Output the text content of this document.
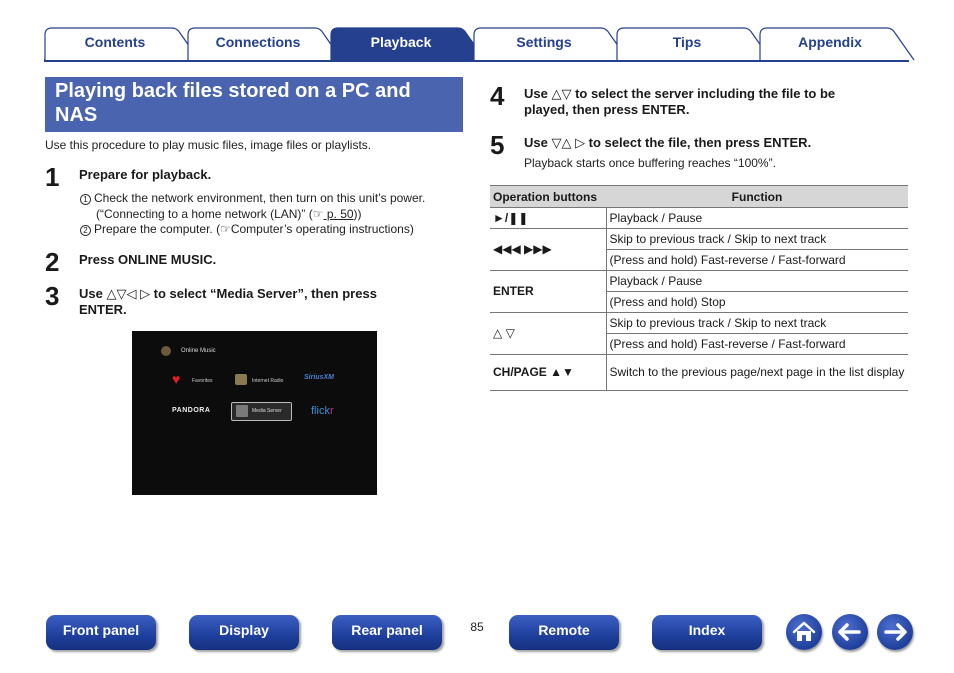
Contents	Connections	Playback	Settings	Tips	Appendix
Playing back files stored on a PC and NAS
Use this procedure to play music files, image files or playlists.
1 Prepare for playback.
1 Check the network environment, then turn on this unit’s power.
(“Connecting to a home network (LAN)” (☞ p. 50))
2 Prepare the computer. (☞Computer’s operating instructions)
2 Press ONLINE MUSIC.
3 Use △▽◁ ▷ to select “Media Server”, then press
ENTER.
Online Music
♥	Favorites	Internet Radio	SiriusXM
PANDORA	Media Server	flickr
4 Use △▽ to select the server including the file to be
played, then press ENTER.
5 Use ▽△ ▷ to select the file, then press ENTER.
Playback starts once buffering reaches “100%”.
Operation buttons	Function
►/❚❚	Playback / Pause
◀◀◀ ▶▶▶	Skip to previous track / Skip to next track
	(Press and hold) Fast-reverse / Fast-forward
ENTER	Playback / Pause
	(Press and hold) Stop
△ ▽	Skip to previous track / Skip to next track
	(Press and hold) Fast-reverse / Fast-forward
CH/PAGE ▲▼	Switch to the previous page/next page in the list display
Front panel	Display	Rear panel	85	Remote	Index
